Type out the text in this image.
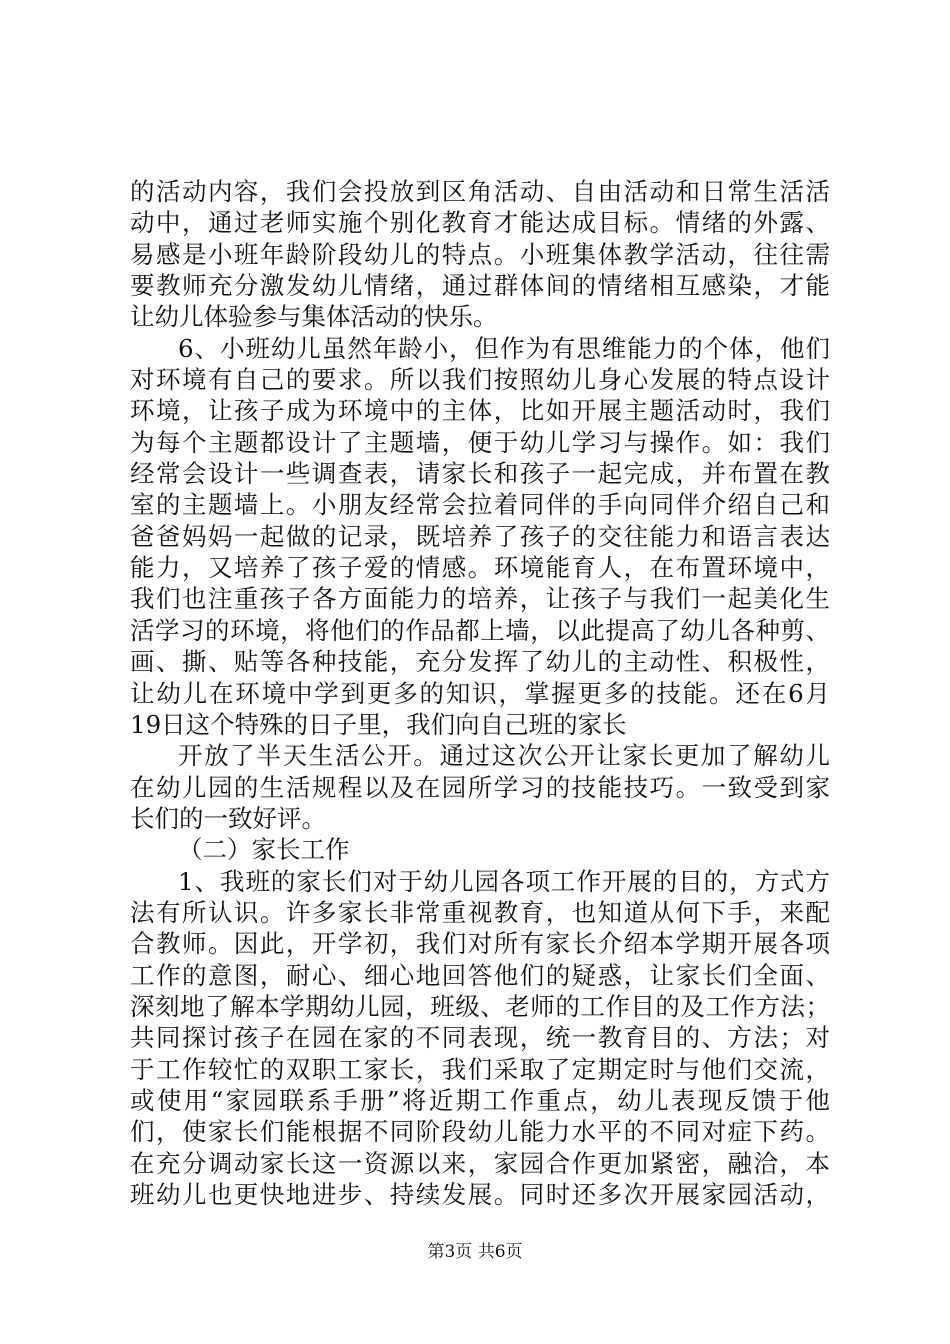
的活动内容，我们会投放到区角活动、自由活动和日常生活活
动中，通过老师实施个别化教育才能达成目标。情绪的外露、
易感是小班年龄阶段幼儿的特点。小班集体教学活动，往往需
要教师充分激发幼儿情绪，通过群体间的情绪相互感染，才能
让幼儿体验参与集体活动的快乐。
6、小班幼儿虽然年龄小，但作为有思维能力的个体，他们
对环境有自己的要求。所以我们按照幼儿身心发展的特点设计
环境，让孩子成为环境中的主体，比如开展主题活动时，我们
为每个主题都设计了主题墙，便于幼儿学习与操作。如：我们
经常会设计一些调查表，请家长和孩子一起完成，并布置在教
室的主题墙上。小朋友经常会拉着同伴的手向同伴介绍自己和
爸爸妈妈一起做的记录，既培养了孩子的交往能力和语言表达
能力，又培养了孩子爱的情感。环境能育人，在布置环境中，
我们也注重孩子各方面能力的培养，让孩子与我们一起美化生
活学习的环境，将他们的作品都上墙，以此提高了幼儿各种剪、
画、撕、贴等各种技能，充分发挥了幼儿的主动性、积极性，
让幼儿在环境中学到更多的知识，掌握更多的技能。还在6月
19日这个特殊的日子里，我们向自己班的家长
开放了半天生活公开。通过这次公开让家长更加了解幼儿
在幼儿园的生活规程以及在园所学习的技能技巧。一致受到家
长们的一致好评。
（二）家长工作
1、我班的家长们对于幼儿园各项工作开展的目的，方式方
法有所认识。许多家长非常重视教育，也知道从何下手，来配
合教师。因此，开学初，我们对所有家长介绍本学期开展各项
工作的意图，耐心、细心地回答他们的疑惑，让家长们全面、
深刻地了解本学期幼儿园，班级、老师的工作目的及工作方法；
共同探讨孩子在园在家的不同表现，统一教育目的、方法；对
于工作较忙的双职工家长，我们采取了定期定时与他们交流，
或使用“家园联系手册”将近期工作重点，幼儿表现反馈于他
们，使家长们能根据不同阶段幼儿能力水平的不同对症下药。
在充分调动家长这一资源以来，家园合作更加紧密，融洽，本
班幼儿也更快地进步、持续发展。同时还多次开展家园活动，
第3页 共6页
